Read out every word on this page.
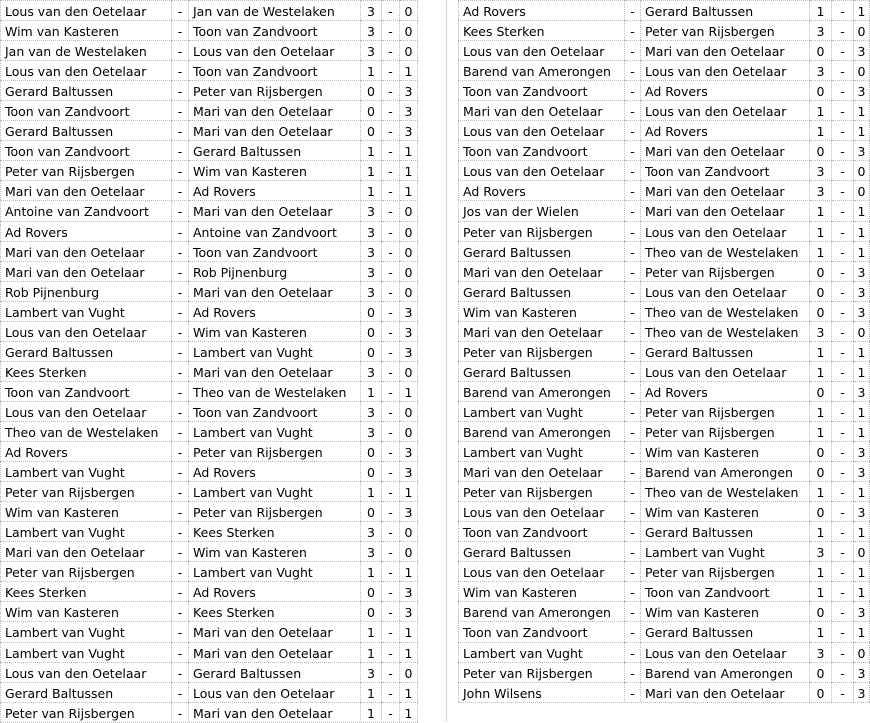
Lous van den Oetelaar	- Jan van de Westelaken	3	- 0
Wim van Kasteren	- Toon van Zandvoort	3	- 0
Jan van de Westelaken	- Lous van den Oetelaar	3	- 0
Lous van den Oetelaar	- Toon van Zandvoort	1	- 1
Gerard Baltussen	- Peter van Rijsbergen	0	- 3
Toon van Zandvoort	- Mari van den Oetelaar	0	- 3
Gerard Baltussen	- Mari van den Oetelaar	0	- 3
Toon van Zandvoort	- Gerard Baltussen	1	- 1
Peter van Rijsbergen	- Wim van Kasteren	1	- 1
Mari van den Oetelaar	- Ad Rovers	1	- 1
Antoine van Zandvoort	- Mari van den Oetelaar	3	- 0
Ad Rovers	- Antoine van Zandvoort	3	- 0
Mari van den Oetelaar	- Toon van Zandvoort	3	- 0
Mari van den Oetelaar	- Rob Pijnenburg	3	- 0
Rob Pijnenburg	- Mari van den Oetelaar	3	- 0
Lambert van Vught	- Ad Rovers	0	- 3
Lous van den Oetelaar	- Wim van Kasteren	0	- 3
Gerard Baltussen	- Lambert van Vught	0	- 3
Kees Sterken	- Mari van den Oetelaar	3	- 0
Toon van Zandvoort	- Theo van de Westelaken	1	- 1
Lous van den Oetelaar	- Toon van Zandvoort	3	- 0
Theo van de Westelaken	- Lambert van Vught	3	- 0
Ad Rovers	- Peter van Rijsbergen	0	- 3
Lambert van Vught	- Ad Rovers	0	- 3
Peter van Rijsbergen	- Lambert van Vught	1	- 1
Wim van Kasteren	- Peter van Rijsbergen	0	- 3
Lambert van Vught	- Kees Sterken	3	- 0
Mari van den Oetelaar	- Wim van Kasteren	3	- 0
Peter van Rijsbergen	- Lambert van Vught	1	- 1
Kees Sterken	- Ad Rovers	0	- 3
Wim van Kasteren	- Kees Sterken	0	- 3
Lambert van Vught	- Mari van den Oetelaar	1	- 1
Lambert van Vught	- Mari van den Oetelaar	1	- 1
Lous van den Oetelaar	- Gerard Baltussen	3	- 0
Gerard Baltussen	- Lous van den Oetelaar	1	- 1
Peter van Rijsbergen	- Mari van den Oetelaar	1	- 1
Ad Rovers	- Gerard Baltussen	1	-	1
Kees Sterken	- Peter van Rijsbergen	3	-	0
Lous van den Oetelaar	- Mari van den Oetelaar	0	-	3
Barend van Amerongen	- Lous van den Oetelaar	3	-	0
Toon van Zandvoort	- Ad Rovers	0	-	3
Mari van den Oetelaar	- Lous van den Oetelaar	1	-	1
Lous van den Oetelaar	- Ad Rovers	1	-	1
Toon van Zandvoort	- Mari van den Oetelaar	0	-	3
Lous van den Oetelaar	- Toon van Zandvoort	3	-	0
Ad Rovers	- Mari van den Oetelaar	3	-	0
Jos van der Wielen	- Mari van den Oetelaar	1	-	1
Peter van Rijsbergen	- Lous van den Oetelaar	1	-	1
Gerard Baltussen	- Theo van de Westelaken	1	-	1
Mari van den Oetelaar	- Peter van Rijsbergen	0	-	3
Gerard Baltussen	- Lous van den Oetelaar	0	-	3
Wim van Kasteren	- Theo van de Westelaken	0	-	3
Mari van den Oetelaar	- Theo van de Westelaken	3	-	0
Peter van Rijsbergen	- Gerard Baltussen	1	-	1
Gerard Baltussen	- Lous van den Oetelaar	1	-	1
Barend van Amerongen	- Ad Rovers	0	-	3
Lambert van Vught	- Peter van Rijsbergen	1	-	1
Barend van Amerongen	- Peter van Rijsbergen	1	-	1
Lambert van Vught	- Wim van Kasteren	0	-	3
Mari van den Oetelaar	- Barend van Amerongen	0	-	3
Peter van Rijsbergen	- Theo van de Westelaken	1	-	1
Lous van den Oetelaar	- Wim van Kasteren	0	-	3
Toon van Zandvoort	- Gerard Baltussen	1	-	1
Gerard Baltussen	- Lambert van Vught	3	-	0
Lous van den Oetelaar	- Peter van Rijsbergen	1	-	1
Wim van Kasteren	- Toon van Zandvoort	1	-	1
Barend van Amerongen	- Wim van Kasteren	0	-	3
Toon van Zandvoort	- Gerard Baltussen	1	-	1
Lambert van Vught	- Lous van den Oetelaar	3	-	0
Peter van Rijsbergen	- Barend van Amerongen	0	-	3
John Wilsens	- Mari van den Oetelaar	0	-	3
